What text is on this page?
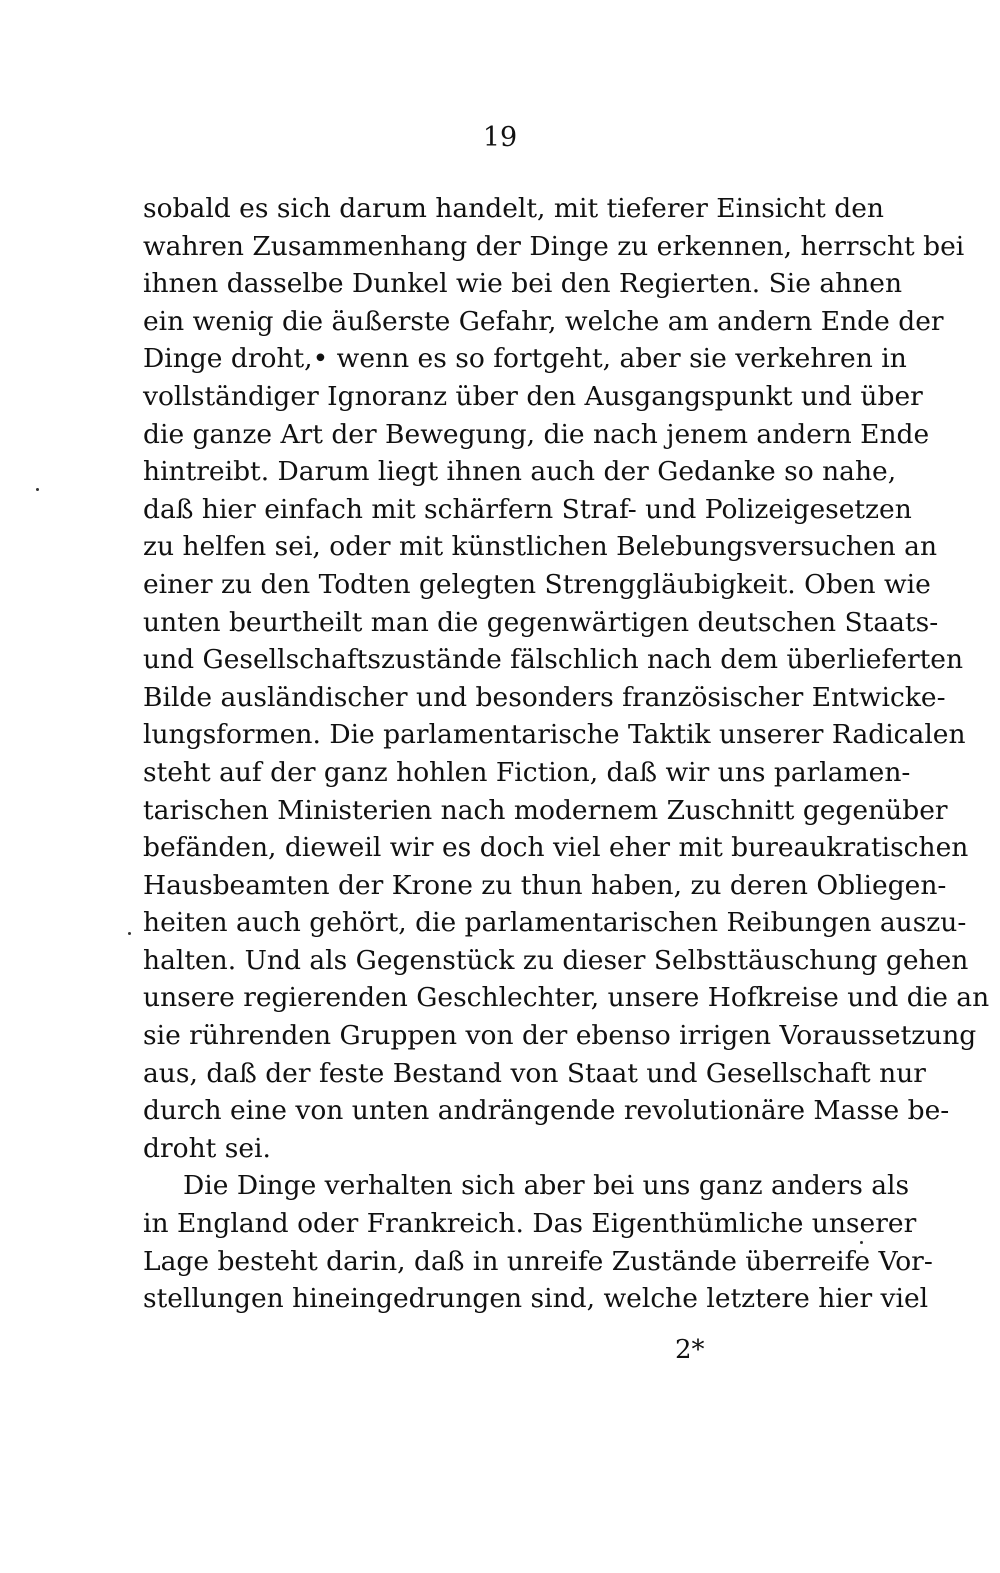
19
sobald es sich darum handelt, mit tieferer Einsicht den
wahren Zusammenhang der Dinge zu erkennen, herrscht bei
ihnen dasselbe Dunkel wie bei den Regierten. Sie ahnen
ein wenig die äußerste Gefahr, welche am andern Ende der
Dinge droht,• wenn es so fortgeht, aber sie verkehren in
vollständiger Ignoranz über den Ausgangspunkt und über
die ganze Art der Bewegung, die nach jenem andern Ende
hintreibt. Darum liegt ihnen auch der Gedanke so nahe,
daß hier einfach mit schärfern Straf- und Polizeigesetzen
zu helfen sei, oder mit künstlichen Belebungsversuchen an
einer zu den Todten gelegten Strenggläubigkeit. Oben wie
unten beurtheilt man die gegenwärtigen deutschen Staats-
und Gesellschaftszustände fälschlich nach dem überlieferten
Bilde ausländischer und besonders französischer Entwicke-
lungsformen. Die parlamentarische Taktik unserer Radicalen
steht auf der ganz hohlen Fiction, daß wir uns parlamen-
tarischen Ministerien nach modernem Zuschnitt gegenüber
befänden, dieweil wir es doch viel eher mit bureaukratischen
Hausbeamten der Krone zu thun haben, zu deren Obliegen-
heiten auch gehört, die parlamentarischen Reibungen auszu-
halten. Und als Gegenstück zu dieser Selbsttäuschung gehen
unsere regierenden Geschlechter, unsere Hofkreise und die an
sie rührenden Gruppen von der ebenso irrigen Voraussetzung
aus, daß der feste Bestand von Staat und Gesellschaft nur
durch eine von unten andrängende revolutionäre Masse be-
droht sei.
Die Dinge verhalten sich aber bei uns ganz anders als
in England oder Frankreich. Das Eigenthümliche unserer
Lage besteht darin, daß in unreife Zustände überreife Vor-
stellungen hineingedrungen sind, welche letztere hier viel
2*
